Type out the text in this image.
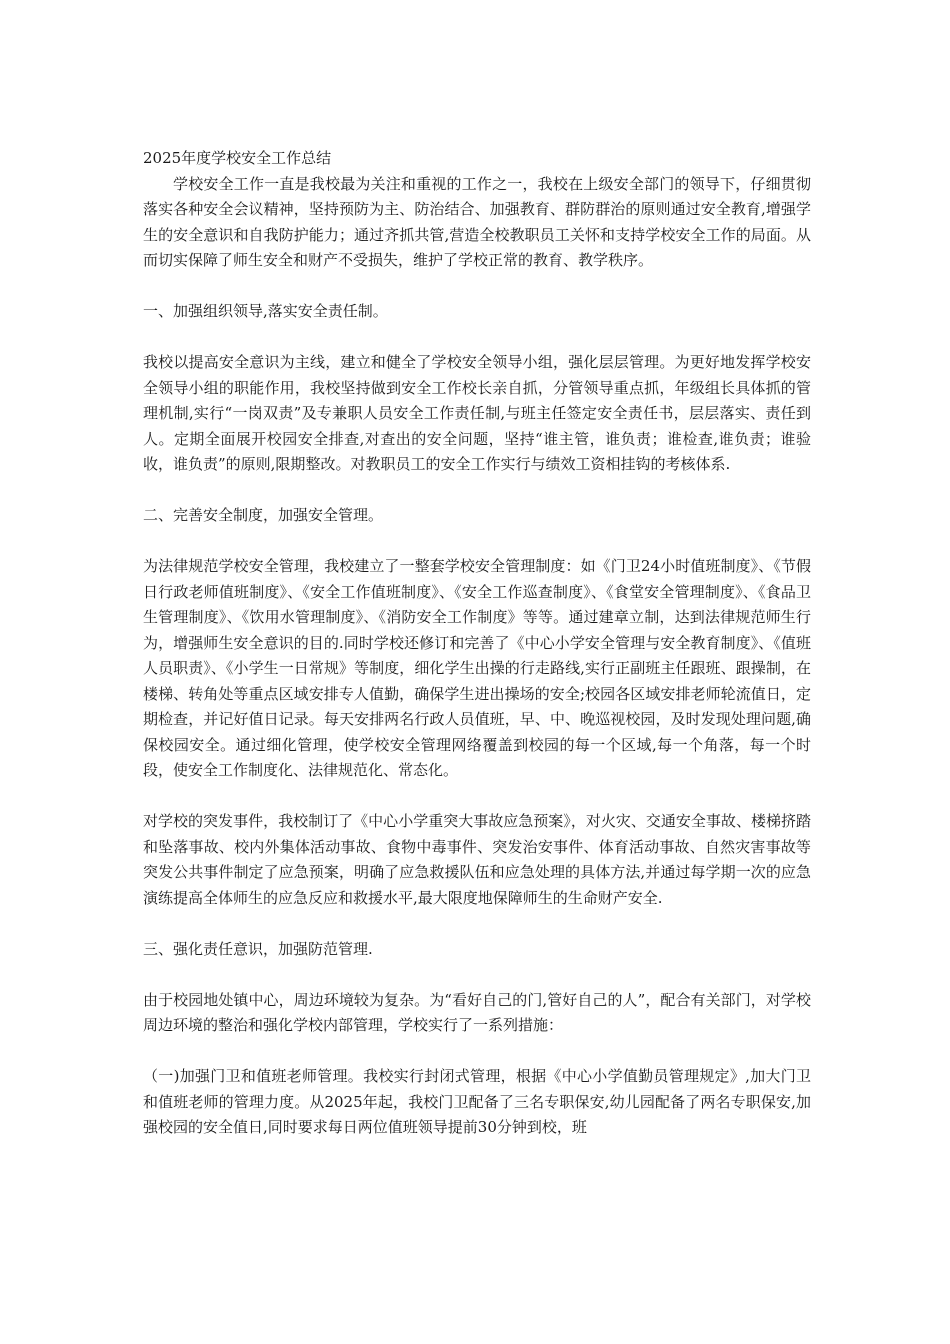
2025年度学校安全工作总结

学校安全工作一直是我校最为关注和重视的工作之一，我校在上级安全部门的领导下，仔细贯彻落实各种安全会议精神，坚持预防为主、防治结合、加强教育、群防群治的原则通过安全教育,增强学生的安全意识和自我防护能力；通过齐抓共管,营造全校教职员工关怀和支持学校安全工作的局面。从而切实保障了师生安全和财产不受损失，维护了学校正常的教育、教学秩序。

一、加强组织领导,落实安全责任制。

我校以提高安全意识为主线，建立和健全了学校安全领导小组，强化层层管理。为更好地发挥学校安全领导小组的职能作用，我校坚持做到安全工作校长亲自抓，分管领导重点抓，年级组长具体抓的管理机制,实行“一岗双责”及专兼职人员安全工作责任制,与班主任签定安全责任书，层层落实、责任到人。定期全面展开校园安全排查,对查出的安全问题，坚持“谁主管，谁负责；谁检查,谁负责；谁验收，谁负责”的原则,限期整改。对教职员工的安全工作实行与绩效工资相挂钩的考核体系.

二、完善安全制度，加强安全管理。

为法律规范学校安全管理，我校建立了一整套学校安全管理制度：如《门卫24小时值班制度》、《节假日行政老师值班制度》、《安全工作值班制度》、《安全工作巡查制度》、《食堂安全管理制度》、《食品卫生管理制度》、《饮用水管理制度》、《消防安全工作制度》等等。通过建章立制，达到法律规范师生行为，增强师生安全意识的目的.同时学校还修订和完善了《中心小学安全管理与安全教育制度》、《值班人员职责》、《小学生一日常规》等制度，细化学生出操的行走路线,实行正副班主任跟班、跟操制，在楼梯、转角处等重点区域安排专人值勤，确保学生进出操场的安全;校园各区域安排老师轮流值日，定期检查，并记好值日记录。每天安排两名行政人员值班，早、中、晚巡视校园，及时发现处理问题,确保校园安全。通过细化管理，使学校安全管理网络覆盖到校园的每一个区域,每一个角落，每一个时段，使安全工作制度化、法律规范化、常态化。

对学校的突发事件，我校制订了《中心小学重突大事故应急预案》，对火灾、交通安全事故、楼梯挤踏和坠落事故、校内外集体活动事故、食物中毒事件、突发治安事件、体育活动事故、自然灾害事故等突发公共事件制定了应急预案，明确了应急救援队伍和应急处理的具体方法,并通过每学期一次的应急演练提高全体师生的应急反应和救援水平,最大限度地保障师生的生命财产安全.

三、强化责任意识，加强防范管理.

由于校园地处镇中心，周边环境较为复杂。为“看好自己的门,管好自己的人”，配合有关部门，对学校周边环境的整治和强化学校内部管理，学校实行了一系列措施：

（一)加强门卫和值班老师管理。我校实行封闭式管理，根据《中心小学值勤员管理规定》,加大门卫和值班老师的管理力度。从2025年起，我校门卫配备了三名专职保安,幼儿园配备了两名专职保安,加强校园的安全值日,同时要求每日两位值班领导提前30分钟到校，班
